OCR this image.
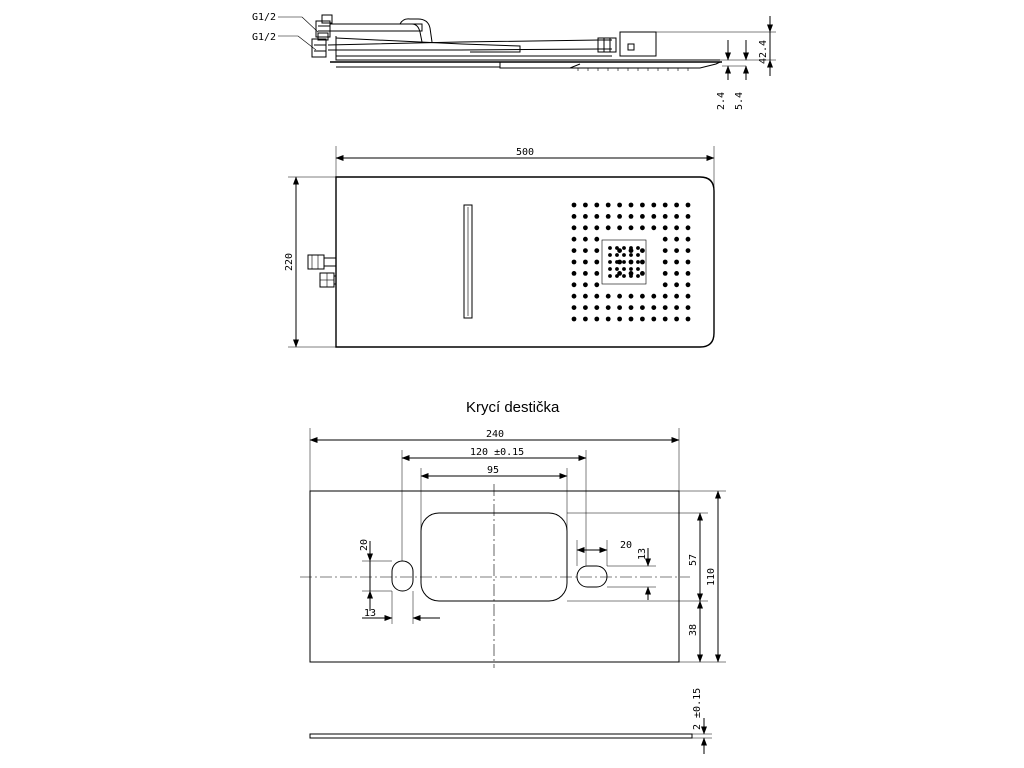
G1/2
G1/2
42.4
2.4 5.4
500
220
Krycí destička
240
120 ±0.15
95
13
20
20
13	57
110
38
2 ±0.15
